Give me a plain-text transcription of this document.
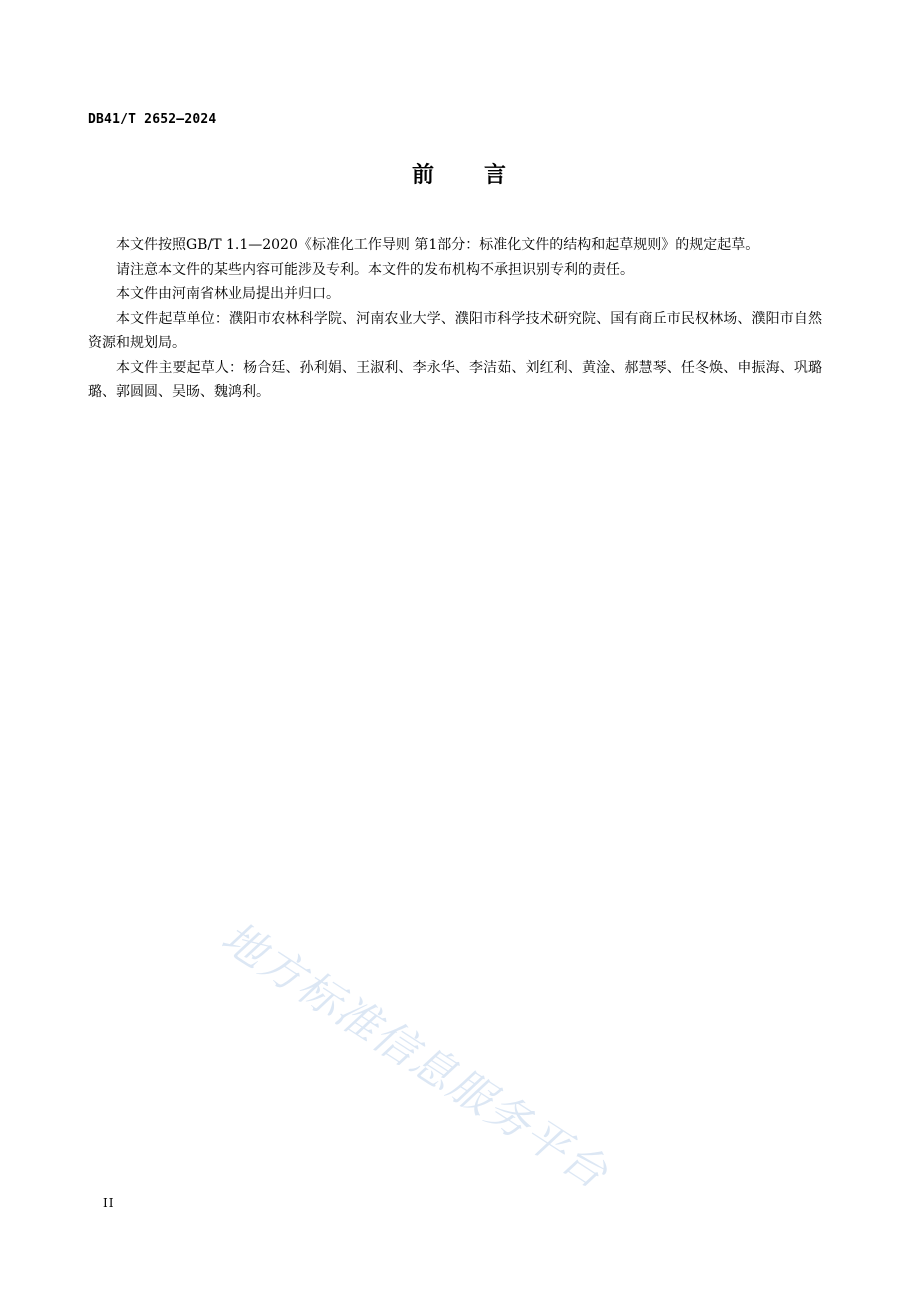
DB41/T 2652—2024
前　　言

本文件按照GB/T 1.1—2020《标准化工作导则 第1部分：标准化文件的结构和起草规则》的规定起草。

请注意本文件的某些内容可能涉及专利。本文件的发布机构不承担识别专利的责任。

本文件由河南省林业局提出并归口。

本文件起草单位：濮阳市农林科学院、河南农业大学、濮阳市科学技术研究院、国有商丘市民权林场、濮阳市自然资源和规划局。

本文件主要起草人：杨合廷、孙利娟、王淑利、李永华、李洁茹、刘红利、黄淦、郝慧琴、任冬焕、申振海、巩璐璐、郭圆圆、吴旸、魏鸿利。

地方标准信息服务平台
II
